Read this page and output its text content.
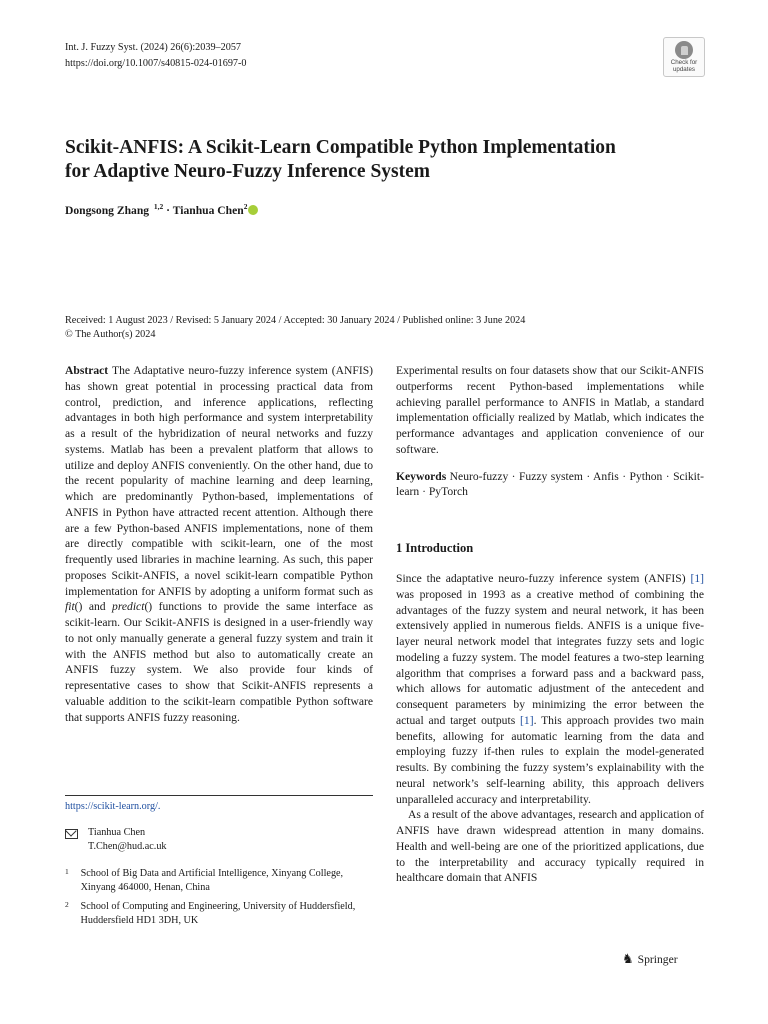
Int. J. Fuzzy Syst. (2024) 26(6):2039–2057
https://doi.org/10.1007/s40815-024-01697-0	Check for
updates
Scikit-ANFIS: A Scikit-Learn Compatible Python Implementation
for Adaptive Neuro-Fuzzy Inference System
Dongsong Zhang $^{1,2}$ · Tianhua Chen$^2$
Received: 1 August 2023 / Revised: 5 January 2024 / Accepted: 30 January 2024 / Published online: 3 June 2024
© The Author(s) 2024

Abstract The Adaptative neuro-fuzzy inference system (ANFIS) has shown great potential in processing practical data from control, prediction, and inference applications, reflecting advantages in both high performance and system interpretability as a result of the hybridization of neural networks and fuzzy systems. Matlab has been a prevalent platform that allows to utilize and deploy ANFIS conveniently. On the other hand, due to the recent popularity of machine learning and deep learning, which are predominantly Python-based, implementations of ANFIS in Python have attracted recent attention. Although there are a few Python-based ANFIS implementations, none of them are directly compatible with scikit-learn, one of the most frequently used libraries in machine learning. As such, this paper proposes Scikit-ANFIS, a novel scikit-learn compatible Python implementation for ANFIS by adopting a uniform format such as fit() and predict() functions to provide the same interface as scikit-learn. Our Scikit-ANFIS is designed in a user-friendly way to not only manually generate a general fuzzy system and train it with the ANFIS method but also to automatically create an ANFIS fuzzy system. We also provide four kinds of representative cases to show that Scikit-ANFIS represents a valuable addition to the scikit-learn compatible Python software that supports ANFIS fuzzy reasoning.

Experimental results on four datasets show that our Scikit-ANFIS outperforms recent Python-based implementations while achieving parallel performance to ANFIS in Matlab, a standard implementation officially realized by Matlab, which indicates the performance advantages and application convenience of our software.

Keywords Neuro-fuzzy · Fuzzy system · Anfis · Python · Scikit-learn · PyTorch

1 Introduction

Since the adaptative neuro-fuzzy inference system (ANFIS) [1] was proposed in 1993 as a creative method of combining the advantages of the fuzzy system and neural network, it has been extensively applied in numerous fields. ANFIS is a unique five-layer neural network model that integrates fuzzy sets and logic modeling a fuzzy system. The model features a two-step learning algorithm that comprises a forward pass and a backward pass, which allows for automatic adjustment of the antecedent and consequent parameters by minimizing the error between the actual and target outputs [1]. This approach provides two main benefits, allowing for automatic learning from the data and employing fuzzy if-then rules to explain the model-generated results. By combining the fuzzy system’s explainability with the neural network’s self-learning ability, this approach delivers unparalleled accuracy and interpretability.

As a result of the above advantages, research and application of ANFIS have drawn widespread attention in many domains. Health and well-being are one of the prioritized applications, due to the interpretability and accuracy typically required in healthcare domain that ANFIS

https://scikit-learn.org/.
Tianhua Chen
T.Chen@hud.ac.uk
1	School of Big Data and Artificial Intelligence, Xinyang College, Xinyang 464000, Henan, China
2	School of Computing and Engineering, University of Huddersfield, Huddersfield HD1 3DH, UK
♞ Springer
